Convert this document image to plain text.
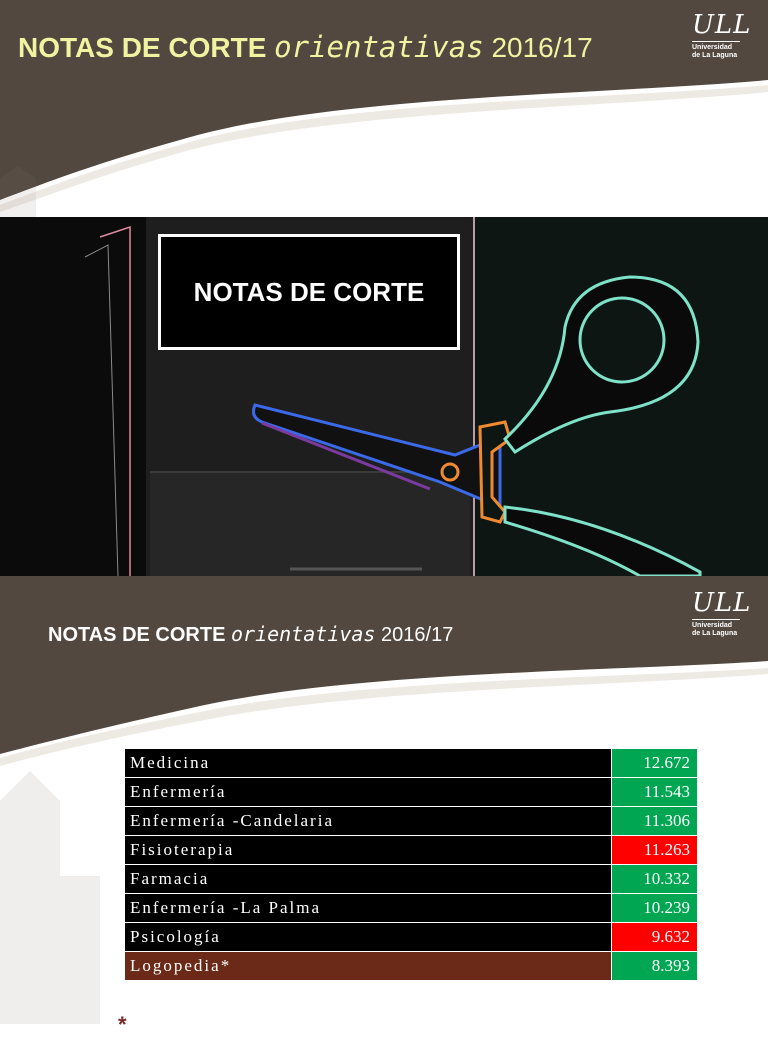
NOTAS DE CORTE orientativas 2016/17
ULL
Universidad
de La Laguna
NOTAS DE CORTE
NOTAS DE CORTE orientativas 2016/17
ULL
Universidad
de La Laguna
Medicina	12.672
Enfermería	11.543
Enfermería -Candelaria	11.306
Fisioterapia	11.263
Farmacia	10.332
Enfermería -La Palma	10.239
Psicología	9.632
Logopedia*	8.393
*
